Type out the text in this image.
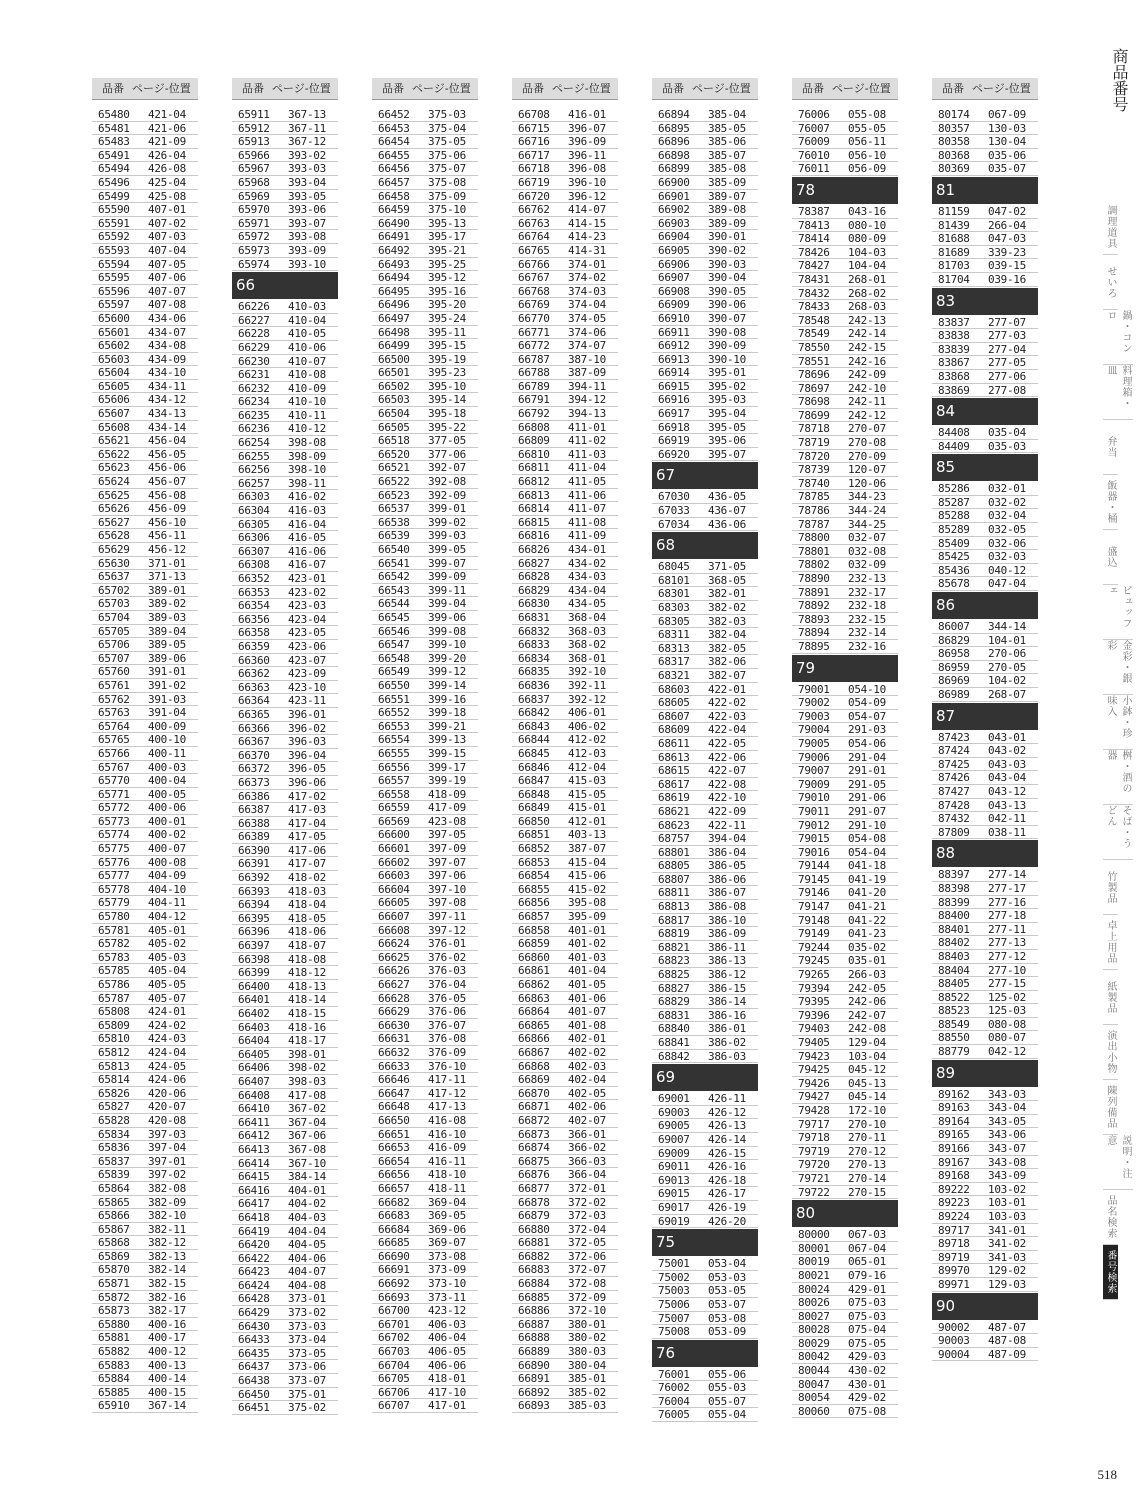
品番 ページ-位置
65480	421-04
65481	421-06
65483	421-09
65491	426-04
65494	426-08
65496	425-04
65499	425-08
65590	407-01
65591	407-02
65592	407-03
65593	407-04
65594	407-05
65595	407-06
65596	407-07
65597	407-08
65600	434-06
65601	434-07
65602	434-08
65603	434-09
65604	434-10
65605	434-11
65606	434-12
65607	434-13
65608	434-14
65621	456-04
65622	456-05
65623	456-06
65624	456-07
65625	456-08
65626	456-09
65627	456-10
65628	456-11
65629	456-12
65630	371-01
65637	371-13
65702	389-01
65703	389-02
65704	389-03
65705	389-04
65706	389-05
65707	389-06
65760	391-01
65761	391-02
65762	391-03
65763	391-04
65764	400-09
65765	400-10
65766	400-11
65767	400-03
65770	400-04
65771	400-05
65772	400-06
65773	400-01
65774	400-02
65775	400-07
65776	400-08
65777	404-09
65778	404-10
65779	404-11
65780	404-12
65781	405-01
65782	405-02
65783	405-03
65785	405-04
65786	405-05
65787	405-07
65808	424-01
65809	424-02
65810	424-03
65812	424-04
65813	424-05
65814	424-06
65826	420-06
65827	420-07
65828	420-08
65834	397-03
65836	397-04
65837	397-01
65839	397-02
65864	382-08
65865	382-09
65866	382-10
65867	382-11
65868	382-12
65869	382-13
65870	382-14
65871	382-15
65872	382-16
65873	382-17
65880	400-16
65881	400-17
65882	400-12
65883	400-13
65884	400-14
65885	400-15
65910	367-14
品番 ページ-位置
65911	367-13
65912	367-11
65913	367-12
65966	393-02
65967	393-03
65968	393-04
65969	393-05
65970	393-06
65971	393-07
65972	393-08
65973	393-09
65974	393-10
66
66226	410-03
66227	410-04
66228	410-05
66229	410-06
66230	410-07
66231	410-08
66232	410-09
66234	410-10
66235	410-11
66236	410-12
66254	398-08
66255	398-09
66256	398-10
66257	398-11
66303	416-02
66304	416-03
66305	416-04
66306	416-05
66307	416-06
66308	416-07
66352	423-01
66353	423-02
66354	423-03
66356	423-04
66358	423-05
66359	423-06
66360	423-07
66362	423-09
66363	423-10
66364	423-11
66365	396-01
66366	396-02
66367	396-03
66370	396-04
66372	396-05
66373	396-06
66386	417-02
66387	417-03
66388	417-04
66389	417-05
66390	417-06
66391	417-07
66392	418-02
66393	418-03
66394	418-04
66395	418-05
66396	418-06
66397	418-07
66398	418-08
66399	418-12
66400	418-13
66401	418-14
66402	418-15
66403	418-16
66404	418-17
66405	398-01
66406	398-02
66407	398-03
66408	417-08
66410	367-02
66411	367-04
66412	367-06
66413	367-08
66414	367-10
66415	384-14
66416	404-01
66417	404-02
66418	404-03
66419	404-04
66420	404-05
66422	404-06
66423	404-07
66424	404-08
66428	373-01
66429	373-02
66430	373-03
66433	373-04
66435	373-05
66437	373-06
66438	373-07
66450	375-01
66451	375-02
品番 ページ-位置
66452	375-03
66453	375-04
66454	375-05
66455	375-06
66456	375-07
66457	375-08
66458	375-09
66459	375-10
66490	395-13
66491	395-17
66492	395-21
66493	395-25
66494	395-12
66495	395-16
66496	395-20
66497	395-24
66498	395-11
66499	395-15
66500	395-19
66501	395-23
66502	395-10
66503	395-14
66504	395-18
66505	395-22
66518	377-05
66520	377-06
66521	392-07
66522	392-08
66523	392-09
66537	399-01
66538	399-02
66539	399-03
66540	399-05
66541	399-07
66542	399-09
66543	399-11
66544	399-04
66545	399-06
66546	399-08
66547	399-10
66548	399-20
66549	399-12
66550	399-14
66551	399-16
66552	399-18
66553	399-21
66554	399-13
66555	399-15
66556	399-17
66557	399-19
66558	418-09
66559	417-09
66569	423-08
66600	397-05
66601	397-09
66602	397-07
66603	397-06
66604	397-10
66605	397-08
66607	397-11
66608	397-12
66624	376-01
66625	376-02
66626	376-03
66627	376-04
66628	376-05
66629	376-06
66630	376-07
66631	376-08
66632	376-09
66633	376-10
66646	417-11
66647	417-12
66648	417-13
66650	416-08
66651	416-10
66653	416-09
66654	416-11
66656	418-10
66657	418-11
66682	369-04
66683	369-05
66684	369-06
66685	369-07
66690	373-08
66691	373-09
66692	373-10
66693	373-11
66700	423-12
66701	406-03
66702	406-04
66703	406-05
66704	406-06
66705	418-01
66706	417-10
66707	417-01
品番 ページ-位置
66708	416-01
66715	396-07
66716	396-09
66717	396-11
66718	396-08
66719	396-10
66720	396-12
66762	414-07
66763	414-15
66764	414-23
66765	414-31
66766	374-01
66767	374-02
66768	374-03
66769	374-04
66770	374-05
66771	374-06
66772	374-07
66787	387-10
66788	387-09
66789	394-11
66791	394-12
66792	394-13
66808	411-01
66809	411-02
66810	411-03
66811	411-04
66812	411-05
66813	411-06
66814	411-07
66815	411-08
66816	411-09
66826	434-01
66827	434-02
66828	434-03
66829	434-04
66830	434-05
66831	368-04
66832	368-03
66833	368-02
66834	368-01
66835	392-10
66836	392-11
66837	392-12
66842	406-01
66843	406-02
66844	412-02
66845	412-03
66846	412-04
66847	415-03
66848	415-05
66849	415-01
66850	412-01
66851	403-13
66852	387-07
66853	415-04
66854	415-06
66855	415-02
66856	395-08
66857	395-09
66858	401-01
66859	401-02
66860	401-03
66861	401-04
66862	401-05
66863	401-06
66864	401-07
66865	401-08
66866	402-01
66867	402-02
66868	402-03
66869	402-04
66870	402-05
66871	402-06
66872	402-07
66873	366-01
66874	366-02
66875	366-03
66876	366-04
66877	372-01
66878	372-02
66879	372-03
66880	372-04
66881	372-05
66882	372-06
66883	372-07
66884	372-08
66885	372-09
66886	372-10
66887	380-01
66888	380-02
66889	380-03
66890	380-04
66891	385-01
66892	385-02
66893	385-03
品番 ページ-位置
66894	385-04
66895	385-05
66896	385-06
66898	385-07
66899	385-08
66900	385-09
66901	389-07
66902	389-08
66903	389-09
66904	390-01
66905	390-02
66906	390-03
66907	390-04
66908	390-05
66909	390-06
66910	390-07
66911	390-08
66912	390-09
66913	390-10
66914	395-01
66915	395-02
66916	395-03
66917	395-04
66918	395-05
66919	395-06
66920	395-07
67
67030	436-05
67033	436-07
67034	436-06
68
68045	371-05
68101	368-05
68301	382-01
68303	382-02
68305	382-03
68311	382-04
68313	382-05
68317	382-06
68321	382-07
68603	422-01
68605	422-02
68607	422-03
68609	422-04
68611	422-05
68613	422-06
68615	422-07
68617	422-08
68619	422-10
68621	422-09
68623	422-11
68757	394-04
68801	386-04
68805	386-05
68807	386-06
68811	386-07
68813	386-08
68817	386-10
68819	386-09
68821	386-11
68823	386-13
68825	386-12
68827	386-15
68829	386-14
68831	386-16
68840	386-01
68841	386-02
68842	386-03
69
69001	426-11
69003	426-12
69005	426-13
69007	426-14
69009	426-15
69011	426-16
69013	426-18
69015	426-17
69017	426-19
69019	426-20
75
75001	053-04
75002	053-03
75003	053-05
75006	053-07
75007	053-08
75008	053-09
76
76001	055-06
76002	055-03
76004	055-07
76005	055-04
品番 ページ-位置
76006	055-08
76007	055-05
76009	056-11
76010	056-10
76011	056-09
78
78387	043-16
78413	080-10
78414	080-09
78426	104-03
78427	104-04
78431	268-01
78432	268-02
78433	268-03
78548	242-13
78549	242-14
78550	242-15
78551	242-16
78696	242-09
78697	242-10
78698	242-11
78699	242-12
78718	270-07
78719	270-08
78720	270-09
78739	120-07
78740	120-06
78785	344-23
78786	344-24
78787	344-25
78800	032-07
78801	032-08
78802	032-09
78890	232-13
78891	232-17
78892	232-18
78893	232-15
78894	232-14
78895	232-16
79
79001	054-10
79002	054-09
79003	054-07
79004	291-03
79005	054-06
79006	291-04
79007	291-01
79009	291-05
79010	291-06
79011	291-07
79012	291-10
79015	054-08
79016	054-04
79144	041-18
79145	041-19
79146	041-20
79147	041-21
79148	041-22
79149	041-23
79244	035-02
79245	035-01
79265	266-03
79394	242-05
79395	242-06
79396	242-07
79403	242-08
79405	129-04
79423	103-04
79425	045-12
79426	045-13
79427	045-14
79428	172-10
79717	270-10
79718	270-11
79719	270-12
79720	270-13
79721	270-14
79722	270-15
80
80000	067-03
80001	067-04
80019	065-01
80021	079-16
80024	429-01
80026	075-03
80027	075-03
80028	075-04
80029	075-05
80042	429-03
80044	430-02
80047	430-01
80054	429-02
80060	075-08
品番 ページ-位置
80174	067-09
80357	130-03
80358	130-04
80368	035-06
80369	035-07
81
81159	047-02
81439	266-04
81688	047-03
81689	339-23
81703	039-15
81704	039-16
83
83837	277-07
83838	277-03
83839	277-04
83867	277-05
83868	277-06
83869	277-08
84
84408	035-04
84409	035-03
85
85286	032-01
85287	032-02
85288	032-04
85289	032-05
85409	032-06
85425	032-03
85436	040-12
85678	047-04
86
86007	344-14
86829	104-01
86958	270-06
86959	270-05
86969	104-02
86989	268-07
87
87423	043-01
87424	043-02
87425	043-03
87426	043-04
87427	043-12
87428	043-13
87432	042-11
87809	038-11
88
88397	277-14
88398	277-17
88399	277-16
88400	277-18
88401	277-11
88402	277-13
88403	277-12
88404	277-10
88405	277-15
88522	125-02
88523	125-03
88549	080-08
88550	080-07
88779	042-12
89
89162	343-03
89163	343-04
89164	343-05
89165	343-06
89166	343-07
89167	343-08
89168	343-09
89222	103-02
89223	103-01
89224	103-03
89717	341-01
89718	341-02
89719	341-03
89970	129-02
89971	129-03
90
90002	487-07
90003	487-08
90004	487-09
商品番号
調理道具
せいろ
鍋・コンロ
料理箱・皿
弁当
飯器・桶
盛込
ビュッフェ
金彩・銀彩
小鉢・珍味入
桝・酒の器
そば・うどん
竹製品
卓上用品
紙製品
演出小物
陳列備品
説明・注意
品名検索
番号検索
518
